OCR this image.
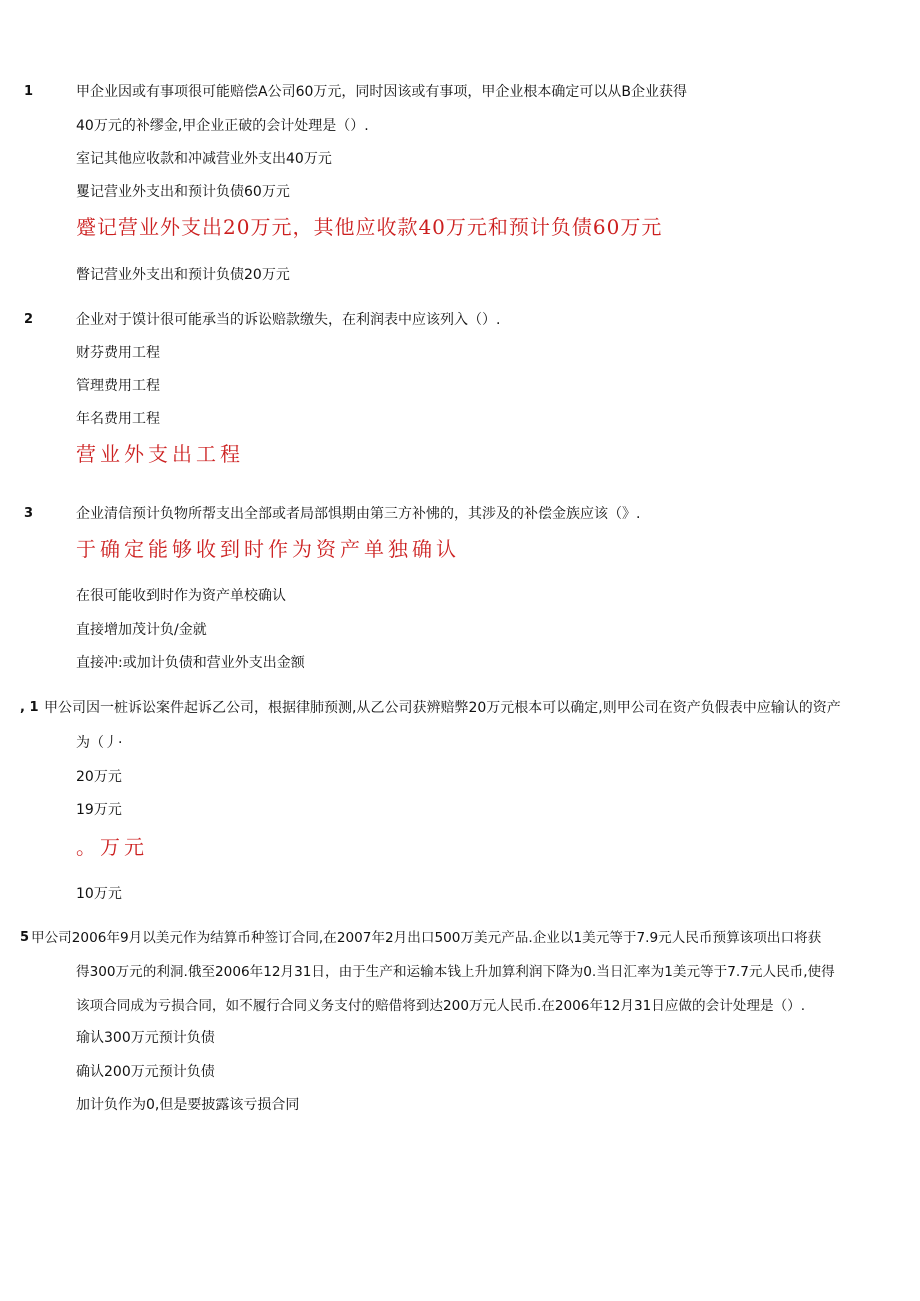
1	甲企业因或有事项很可能赔偿A公司60万元，同时因该或有事项，甲企业根本确定可以从B企业获得
40万元的补缪金,甲企业正破的会计处理是（）.
室记其他应收款和冲减营业外支出40万元
矍记营业外支出和预计负债60万元
蹙记营业外支出20万元，其他应收款40万元和预计负债60万元
瞥记营业外支出和预计负债20万元
2	企业对于馍计很可能承当的诉讼赔款缴失，在利润表中应该列入（）.
财芬费用工程
管理费用工程
年名费用工程
营业外支出工程
3	企业清信预计负物所帮支出全部或者局部惧期由第三方补怫的，其涉及的补偿金族应该（》.
于确定能够收到时作为资产单独确认
在很可能收到时作为资产单校确认
直接增加茂计负/金就
直接冲:或加计负债和营业外支出金额
, 1 甲公司因一桩诉讼案件起诉乙公司，根据律肺预测,从乙公司获辨赔弊20万元根本可以确定,则甲公司在资产负假表中应输认的资产
为（丿·
20万元
19万元
。万元
10万元
5 甲公司2006年9月以美元作为结算币种签订合同,在2007年2月出口500万美元产品.企业以1美元等于7.9元人民币预算该项出口将获
得300万元的利洞.俄至2006年12月31日，由于生产和运输本钱上升加算利润下降为0.当日汇率为1美元等于7.7元人民币,使得
该项合同成为亏损合同，如不履行合同义务支付的赔借将到达200万元人民币.在2006年12月31日应做的会计处理是（）.
瑜认300万元预计负债
确认200万元预计负债
加计负作为0,但是要披露该亏损合同
